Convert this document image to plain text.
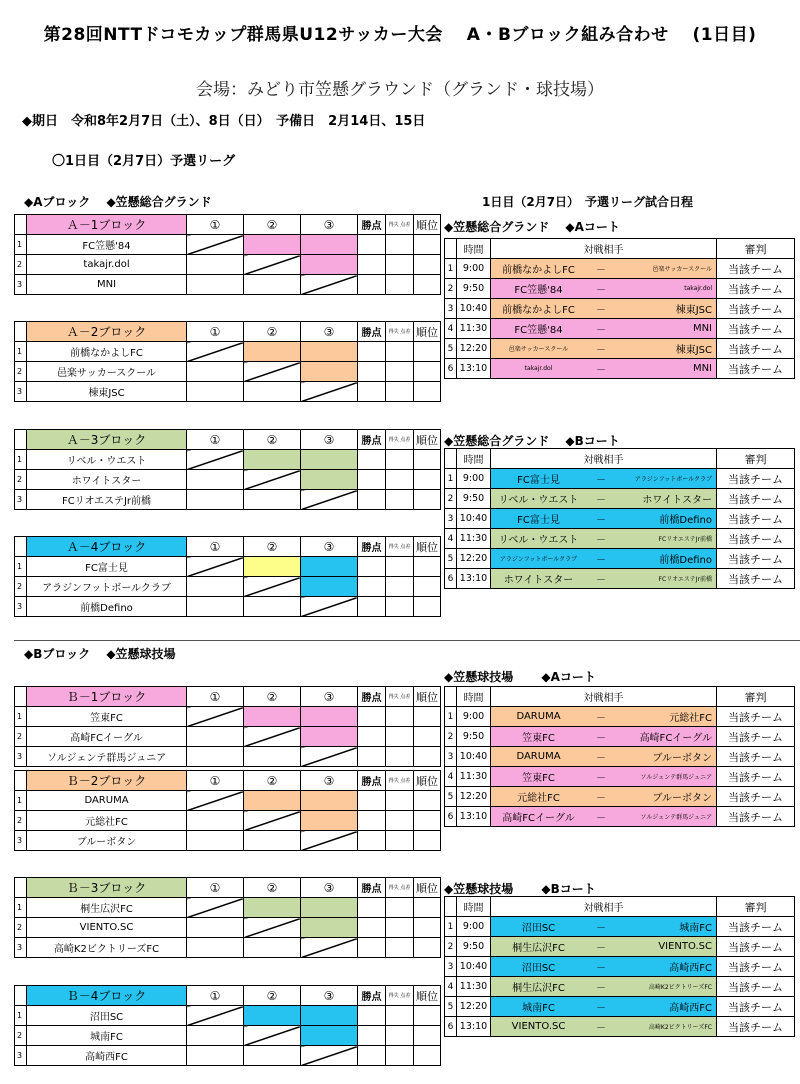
第28回NTTドコモカップ群馬県U12サッカー大会　 A・Bブロック組み合わせ　 (1日目)
会場：みどり市笠懸グラウンド（グランド・球技場）
◆期日　令和8年2月7日（土）、8日（日）　予備日　2月14日、15日
〇1日目（2月7日）予選リーグ
◆Aブロック　 ◆笠懸総合グランド	1日目（2月7日）　予選リーグ試合日程
◆Bブロック　 ◆笠懸球技場
	Ａ－1ブロック	①	②	③	勝点	得失 点差	順位
1	FC笠懸'84						
2	takajr.dol						
3	MNI						
	Ａ－2ブロック	①	②	③	勝点	得失 点差	順位
1	前橋なかよしFC						
2	邑楽サッカースクール						
3	棟東JSC						
	Ａ－3ブロック	①	②	③	勝点	得失 点差	順位
1	リベル・ウエスト						
2	ホワイトスター						
3	FCリオエステJr前橋						
	Ａ－4ブロック	①	②	③	勝点	得失 点差	順位
1	FC富士見						
2	アラジンフットボールクラブ						
3	前橋Defino						
	Ｂ－1ブロック	①	②	③	勝点	得失 点差	順位
1	笠東FC						
2	高崎FCイーグル						
3	ソルジェンテ群馬ジュニア						
	Ｂ－2ブロック	①	②	③	勝点	得失 点差	順位
1	DARUMA						
2	元総社FC						
3	ブルーボタン						
	Ｂ－3ブロック	①	②	③	勝点	得失 点差	順位
1	桐生広沢FC						
2	VIENTO.SC						
3	高崎K2ビクトリーズFC						
	Ｂ－4ブロック	①	②	③	勝点	得失 点差	順位
1	沼田SC						
2	城南FC						
3	高崎西FC						
◆笠懸総合グランド　 ◆Aコート
	時間	対戦相手	審判
1	9:00	前橋なかよしFC － 邑楽サッカースクール	当該チーム
2	9:50	FC笠懸'84 － takajr.dol	当該チーム
3	10:40	前橋なかよしFC － 棟東JSC	当該チーム
4	11:30	FC笠懸'84 － MNI	当該チーム
5	12:20	邑楽サッカースクール － 棟東JSC	当該チーム
6	13:10	takajr.dol － MNI	当該チーム
◆笠懸総合グランド　 ◆Bコート
	時間	対戦相手	審判
1	9:00	FC富士見 － アラジンフットボールクラブ	当該チーム
2	9:50	リベル・ウエスト － ホワイトスター	当該チーム
3	10:40	FC富士見 － 前橋Defino	当該チーム
4	11:30	リベル・ウエスト － FCリオエステJr前橋	当該チーム
5	12:20	アラジンフットボールクラブ － 前橋Defino	当該チーム
6	13:10	ホワイトスター － FCリオエステJr前橋	当該チーム
◆笠懸球技場　　 ◆Aコート
	時間	対戦相手	審判
1	9:00	DARUMA － 元総社FC	当該チーム
2	9:50	笠東FC － 高崎FCイーグル	当該チーム
3	10:40	DARUMA － ブルーボタン	当該チーム
4	11:30	笠東FC － ソルジェンテ群馬ジュニア	当該チーム
5	12:20	元総社FC － ブルーボタン	当該チーム
6	13:10	高崎FCイーグル － ソルジェンテ群馬ジュニア	当該チーム
◆笠懸球技場　　 ◆Bコート
	時間	対戦相手	審判
1	9:00	沼田SC － 城南FC	当該チーム
2	9:50	桐生広沢FC － VIENTO.SC	当該チーム
3	10:40	沼田SC － 高崎西FC	当該チーム
4	11:30	桐生広沢FC － 高崎K2ビクトリーズFC	当該チーム
5	12:20	城南FC － 高崎西FC	当該チーム
6	13:10	VIENTO.SC － 高崎K2ビクトリーズFC	当該チーム
